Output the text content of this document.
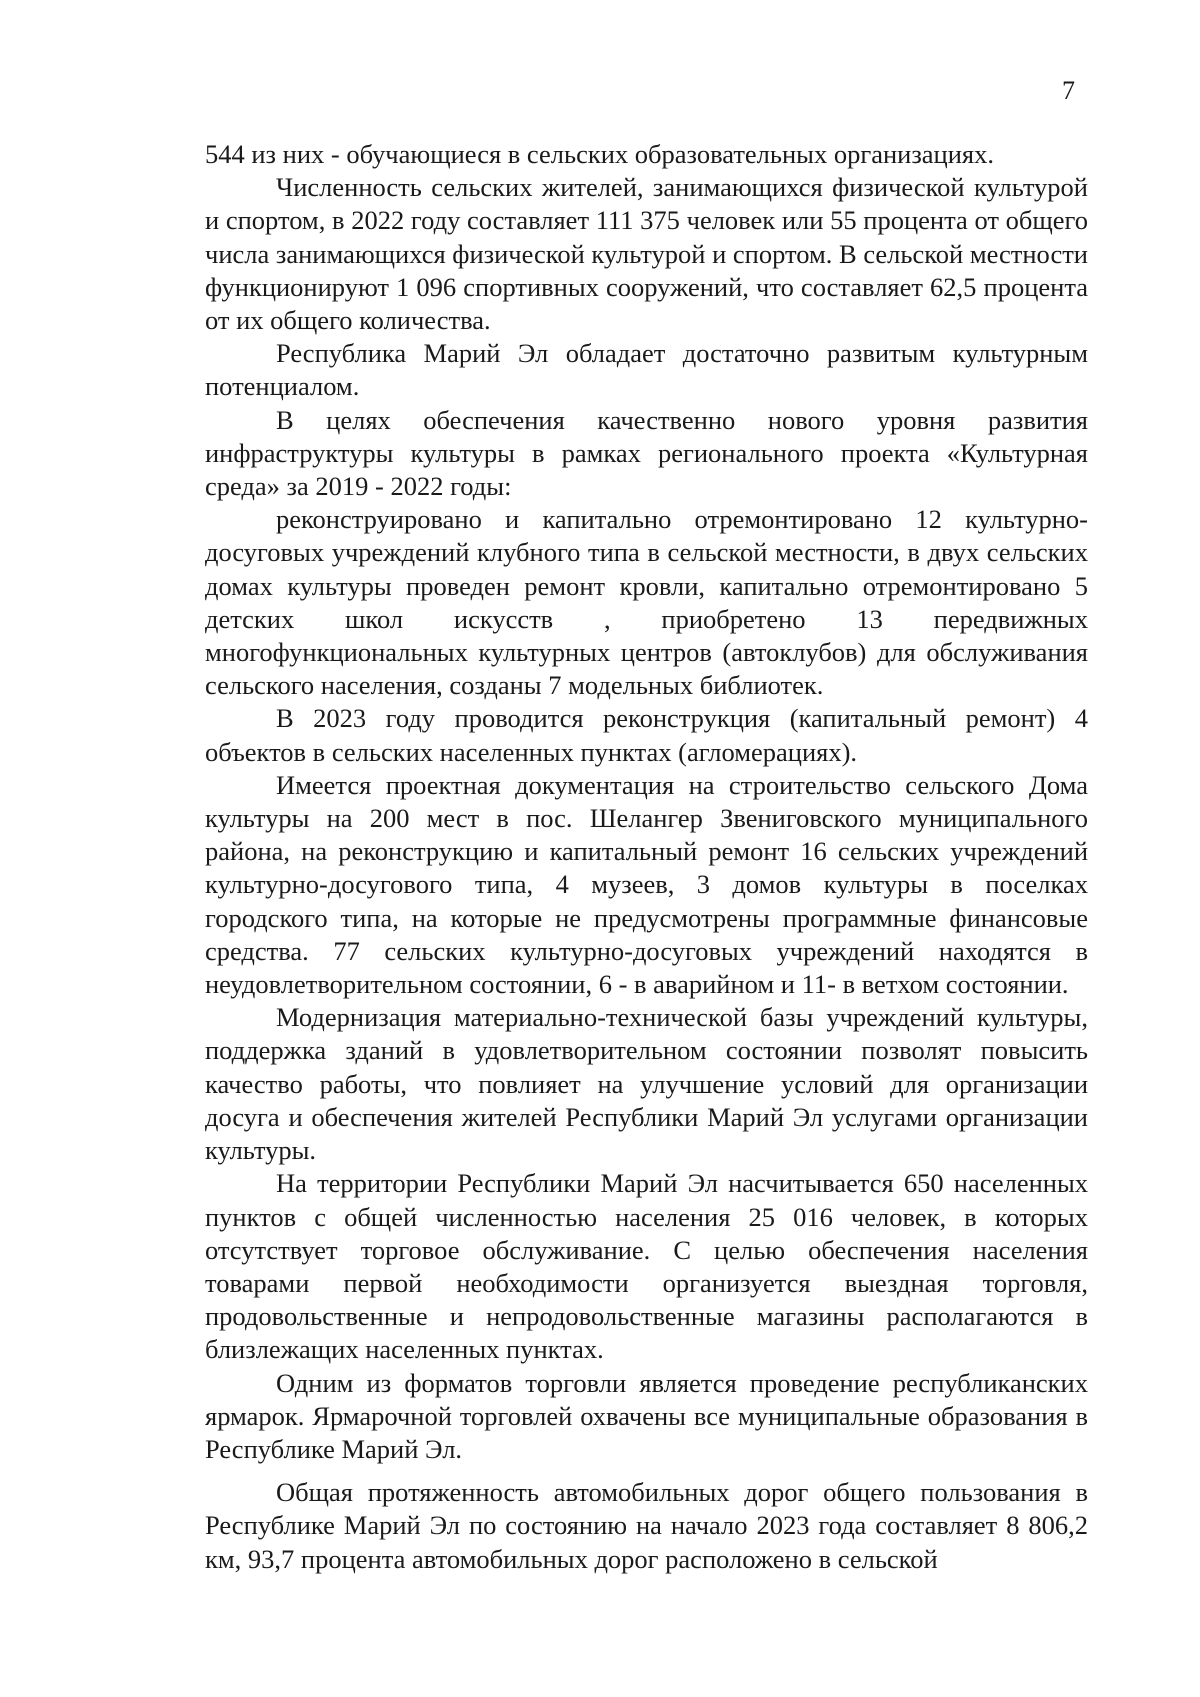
7

544 из них - обучающиеся в сельских образовательных организациях.

Численность сельских жителей, занимающихся физической культурой и спортом, в 2022 году составляет 111 375 человек или 55 процента от общего числа занимающихся физической культурой и спортом. В сельской местности функционируют 1 096 спортивных сооружений, что составляет 62,5 процента от их общего количества.

Республика Марий Эл обладает достаточно развитым культурным потенциалом.

В целях обеспечения качественно нового уровня развития инфраструктуры культуры в рамках регионального проекта «Культурная среда» за 2019 - 2022 годы:

реконструировано и капитально отремонтировано 12 культурно-досуговых учреждений клубного типа в сельской местности, в двух сельских домах культуры проведен ремонт кровли, капитально отремонтировано 5 детских школ искусств , приобретено 13 передвижных многофункциональных культурных центров (автоклубов) для обслуживания сельского населения, созданы 7 модельных библиотек.

В 2023 году проводится реконструкция (капитальный ремонт) 4 объектов в сельских населенных пунктах (агломерациях).

Имеется проектная документация на строительство сельского Дома культуры на 200 мест в пос. Шелангер Звениговского муниципального района, на реконструкцию и капитальный ремонт 16 сельских учреждений культурно-досугового типа, 4 музеев, 3 домов культуры в поселках городского типа, на которые не предусмотрены программные финансовые средства. 77 сельских культурно-досуговых учреждений находятся в неудовлетворительном состоянии, 6 - в аварийном и 11- в ветхом состоянии.

Модернизация материально-технической базы учреждений культуры, поддержка зданий в удовлетворительном состоянии позволят повысить качество работы, что повлияет на улучшение условий для организации досуга и обеспечения жителей Республики Марий Эл услугами организации культуры.

На территории Республики Марий Эл насчитывается 650 населенных пунктов с общей численностью населения 25 016 человек, в которых отсутствует торговое обслуживание. С целью обеспечения населения товарами первой необходимости организуется выездная торговля, продовольственные и непродовольственные магазины располагаются в близлежащих населенных пунктах.

Одним из форматов торговли является проведение республиканских ярмарок. Ярмарочной торговлей охвачены все муниципальные образования в Республике Марий Эл.

Общая протяженность автомобильных дорог общего пользования в Республике Марий Эл по состоянию на начало 2023 года составляет 8 806,2 км, 93,7 процента автомобильных дорог расположено в сельской
